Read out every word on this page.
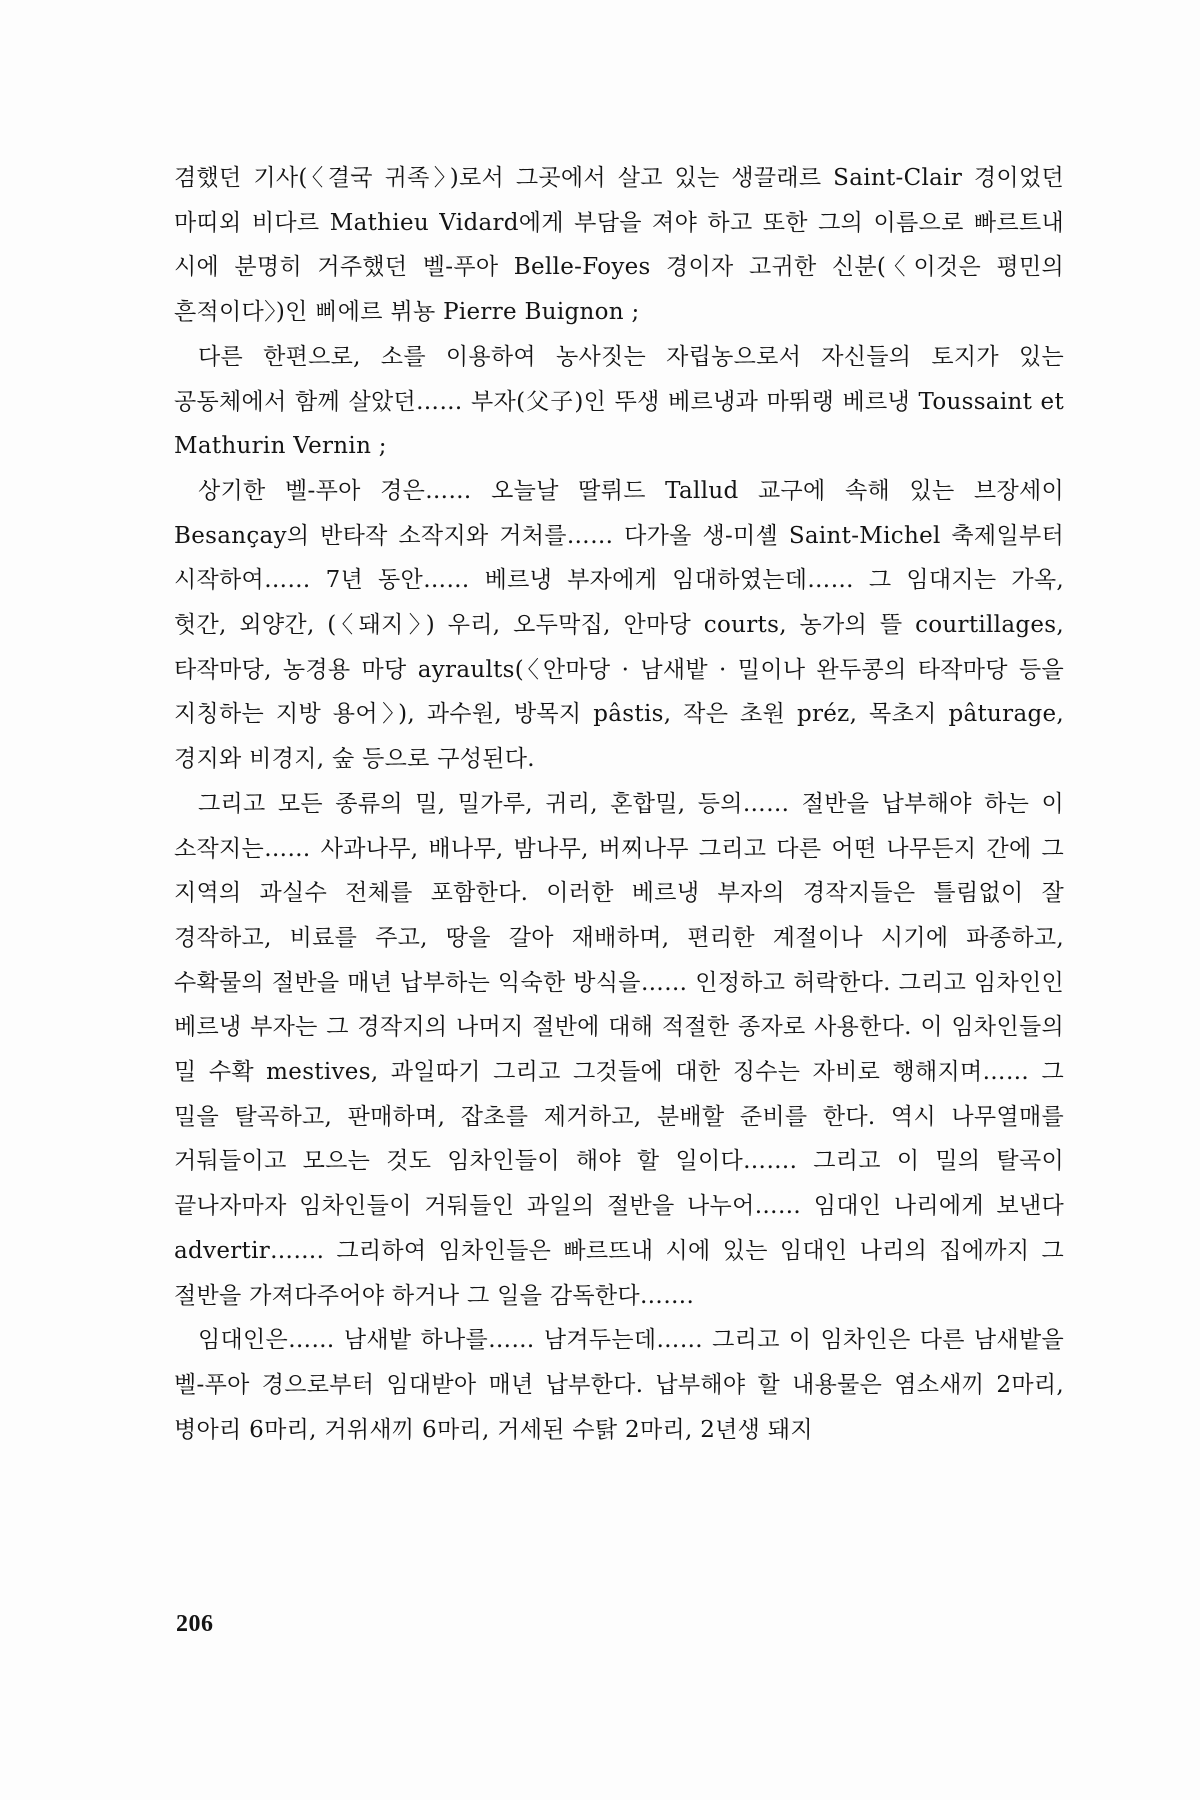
겸했던 기사(〈결국 귀족〉)로서 그곳에서 살고 있는 생끌래르 Saint-Clair 경이었던 마띠외 비다르 Mathieu Vidard에게 부담을 져야 하고 또한 그의 이름으로 빠르트내 시에 분명히 거주했던 벨-푸아 Belle-Foyes 경이자 고귀한 신분(〈이것은 평민의 흔적이다〉)인 삐에르 뷔뇽 Pierre Buignon ;

다른 한편으로, 소를 이용하여 농사짓는 자립농으로서 자신들의 토지가 있는 공동체에서 함께 살았던…… 부자(父子)인 뚜생 베르냉과 마뛰랭 베르냉 Toussaint et Mathurin Vernin ;

상기한 벨-푸아 경은…… 오늘날 딸뤼드 Tallud 교구에 속해 있는 브장세이 Besançay의 반타작 소작지와 거처를…… 다가올 생-미셸 Saint-Michel 축제일부터 시작하여…… 7년 동안…… 베르냉 부자에게 임대하였는데…… 그 임대지는 가옥, 헛간, 외양간, (〈돼지〉) 우리, 오두막집, 안마당 courts, 농가의 뜰 courtillages, 타작마당, 농경용 마당 ayraults(〈안마당 · 남새밭 · 밀이나 완두콩의 타작마당 등을 지칭하는 지방 용어〉), 과수원, 방목지 pâstis, 작은 초원 préz, 목초지 pâturage, 경지와 비경지, 숲 등으로 구성된다.

그리고 모든 종류의 밀, 밀가루, 귀리, 혼합밀, 등의…… 절반을 납부해야 하는 이 소작지는…… 사과나무, 배나무, 밤나무, 버찌나무 그리고 다른 어떤 나무든지 간에 그 지역의 과실수 전체를 포함한다. 이러한 베르냉 부자의 경작지들은 틀림없이 잘 경작하고, 비료를 주고, 땅을 갈아 재배하며, 편리한 계절이나 시기에 파종하고, 수확물의 절반을 매년 납부하는 익숙한 방식을…… 인정하고 허락한다. 그리고 임차인인 베르냉 부자는 그 경작지의 나머지 절반에 대해 적절한 종자로 사용한다. 이 임차인들의 밀 수확 mestives, 과일따기 그리고 그것들에 대한 징수는 자비로 행해지며…… 그 밀을 탈곡하고, 판매하며, 잡초를 제거하고, 분배할 준비를 한다. 역시 나무열매를 거둬들이고 모으는 것도 임차인들이 해야 할 일이다……. 그리고 이 밀의 탈곡이 끝나자마자 임차인들이 거둬들인 과일의 절반을 나누어…… 임대인 나리에게 보낸다 advertir……. 그리하여 임차인들은 빠르뜨내 시에 있는 임대인 나리의 집에까지 그 절반을 가져다주어야 하거나 그 일을 감독한다…….

임대인은…… 남새밭 하나를…… 남겨두는데…… 그리고 이 임차인은 다른 남새밭을 벨-푸아 경으로부터 임대받아 매년 납부한다. 납부해야 할 내용물은 염소새끼 2마리, 병아리 6마리, 거위새끼 6마리, 거세된 수탉 2마리, 2년생 돼지

206
